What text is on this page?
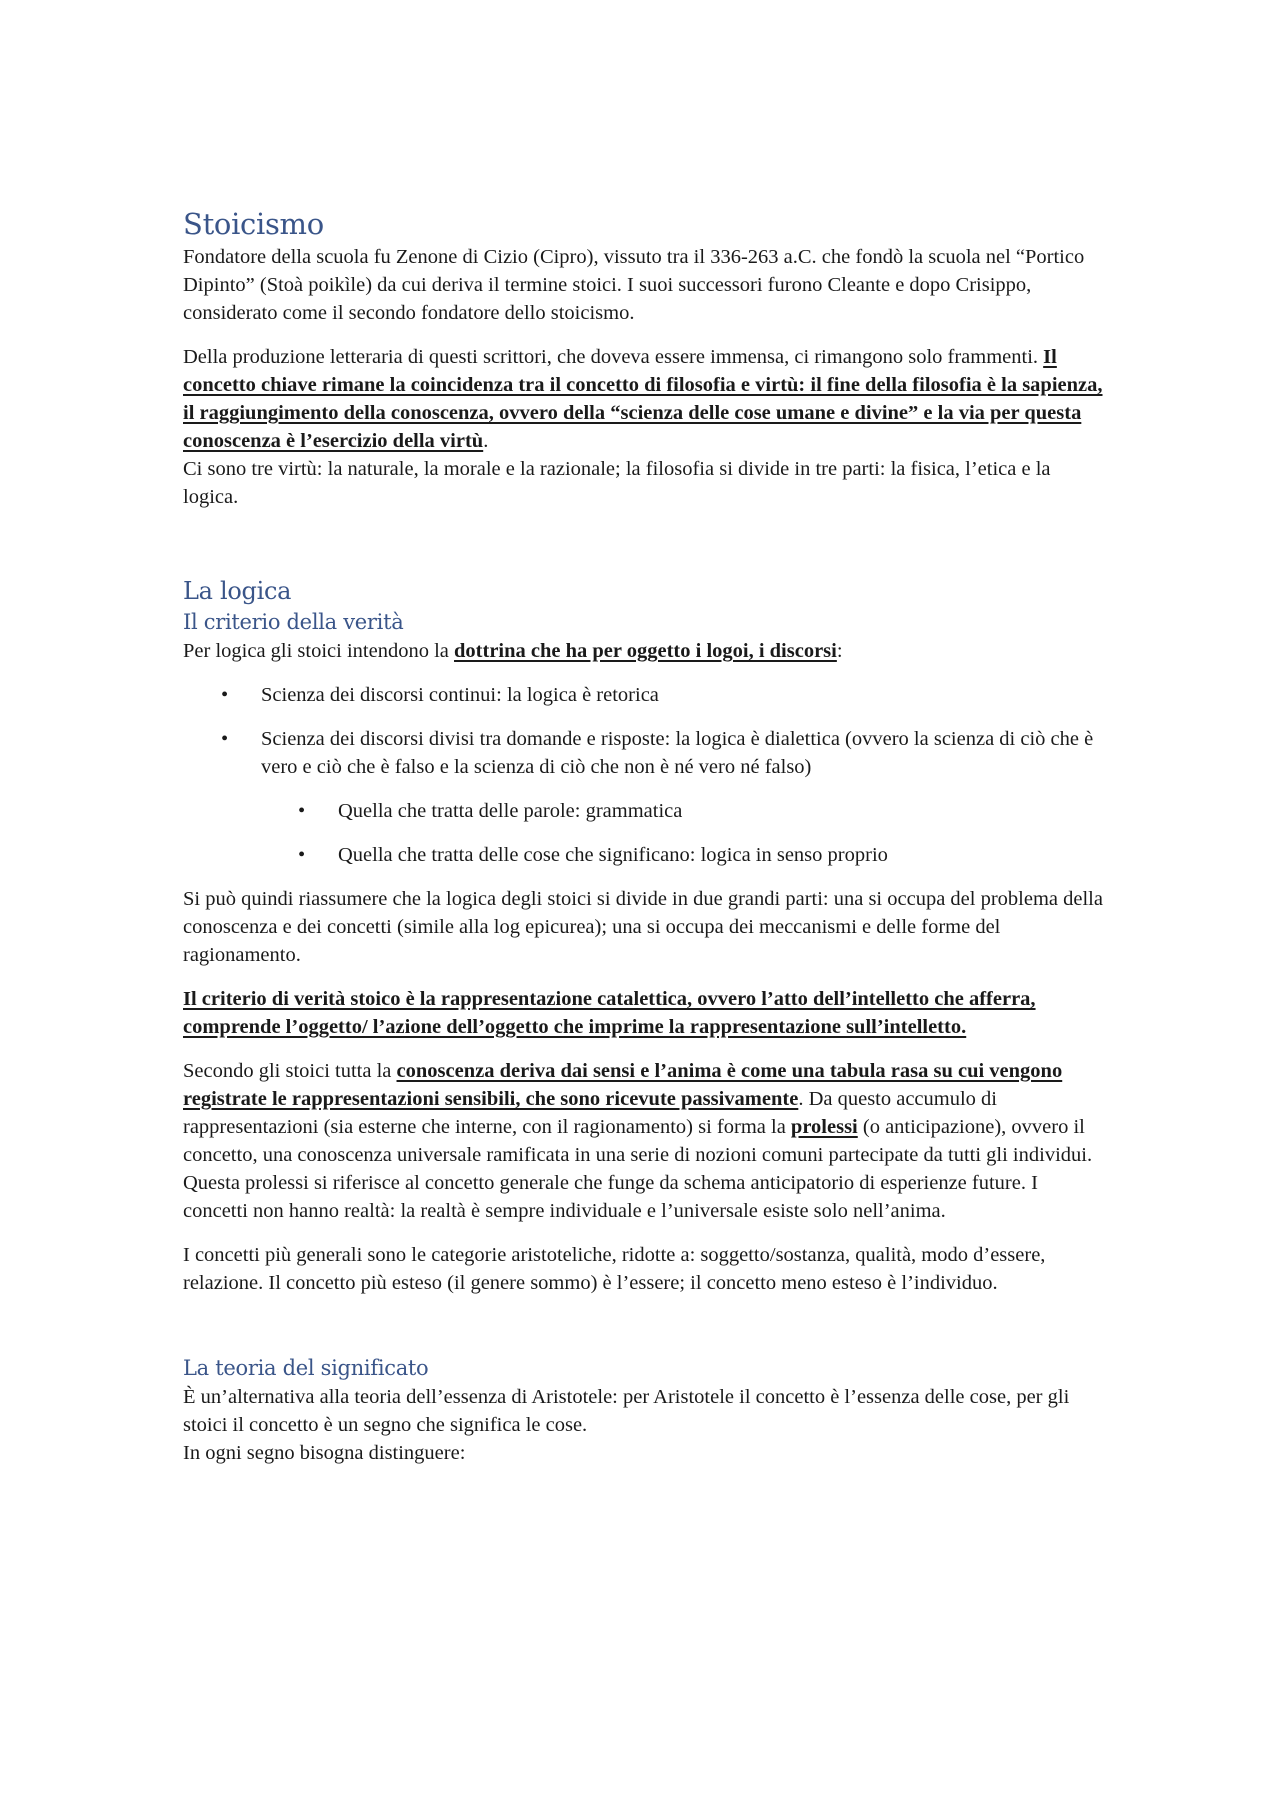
Stoicismo

Fondatore della scuola fu Zenone di Cizio (Cipro), vissuto tra il 336-263 a.C. che fondò la scuola nel “Portico Dipinto” (Stoà poikìle) da cui deriva il termine stoici. I suoi successori furono Cleante e dopo Crisippo, considerato come il secondo fondatore dello stoicismo.

Della produzione letteraria di questi scrittori, che doveva essere immensa, ci rimangono solo frammenti. Il concetto chiave rimane la coincidenza tra il concetto di filosofia e virtù: il fine della filosofia è la sapienza, il raggiungimento della conoscenza, ovvero della “scienza delle cose umane e divine” e la via per questa conoscenza è l’esercizio della virtù.

Ci sono tre virtù: la naturale, la morale e la razionale; la filosofia si divide in tre parti: la fisica, l’etica e la logica.

La logica
Il criterio della verità

Per logica gli stoici intendono la dottrina che ha per oggetto i logoi, i discorsi:

• Scienza dei discorsi continui: la logica è retorica
• Scienza dei discorsi divisi tra domande e risposte: la logica è dialettica (ovvero la scienza di ciò che è vero e ciò che è falso e la scienza di ciò che non è né vero né falso)
• Quella che tratta delle parole: grammatica
• Quella che tratta delle cose che significano: logica in senso proprio

Si può quindi riassumere che la logica degli stoici si divide in due grandi parti: una si occupa del problema della conoscenza e dei concetti (simile alla log epicurea); una si occupa dei meccanismi e delle forme del ragionamento.

Il criterio di verità stoico è la rappresentazione catalettica, ovvero l’atto dell’intelletto che afferra, comprende l’oggetto/ l’azione dell’oggetto che imprime la rappresentazione sull’intelletto.

Secondo gli stoici tutta la conoscenza deriva dai sensi e l’anima è come una tabula rasa su cui vengono registrate le rappresentazioni sensibili, che sono ricevute passivamente. Da questo accumulo di rappresentazioni (sia esterne che interne, con il ragionamento) si forma la prolessi (o anticipazione), ovvero il concetto, una conoscenza universale ramificata in una serie di nozioni comuni partecipate da tutti gli individui. Questa prolessi si riferisce al concetto generale che funge da schema anticipatorio di esperienze future. I concetti non hanno realtà: la realtà è sempre individuale e l’universale esiste solo nell’anima.

I concetti più generali sono le categorie aristoteliche, ridotte a: soggetto/sostanza, qualità, modo d’essere, relazione. Il concetto più esteso (il genere sommo) è l’essere; il concetto meno esteso è l’individuo.

La teoria del significato

È un’alternativa alla teoria dell’essenza di Aristotele: per Aristotele il concetto è l’essenza delle cose, per gli stoici il concetto è un segno che significa le cose.

In ogni segno bisogna distinguere:
